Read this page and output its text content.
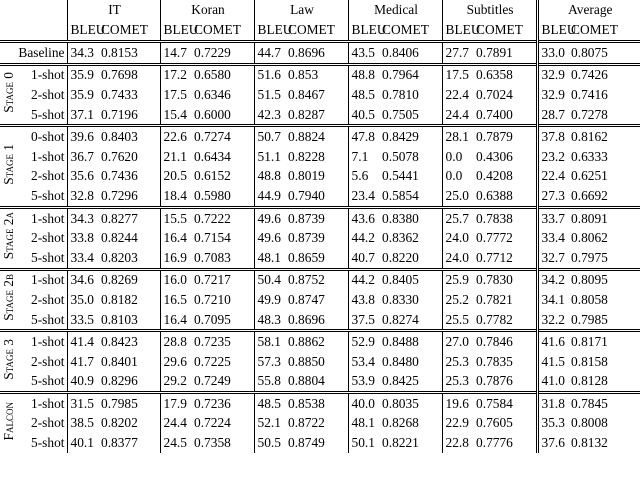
		IT		Koran		Law		Medical		Subtitles		Average	
		BLEU	COMET	BLEU	COMET	BLEU	COMET	BLEU	COMET	BLEU	COMET	BLEU	COMET
Baseline		34.3	0.8153	14.7	0.7229	44.7	0.8696	43.5	0.8406	27.7	0.7891	33.0	0.8075
Stage 0	1-shot	35.9	0.7698	17.2	0.6580	51.6	0.853	48.8	0.7964	17.5	0.6358	32.9	0.7426
	2-shot	35.9	0.7433	17.5	0.6346	51.5	0.8467	48.5	0.7810	22.4	0.7024	32.9	0.7416
	5-shot	37.1	0.7196	15.4	0.6000	42.3	0.8287	40.5	0.7505	24.4	0.7400	28.7	0.7278
Stage 1	0-shot	39.6	0.8403	22.6	0.7274	50.7	0.8824	47.8	0.8429	28.1	0.7879	37.8	0.8162
	1-shot	36.7	0.7620	21.1	0.6434	51.1	0.8228	7.1	0.5078	0.0	0.4306	23.2	0.6333
	2-shot	35.6	0.7436	20.5	0.6152	48.8	0.8019	5.6	0.5441	0.0	0.4208	22.4	0.6251
	5-shot	32.8	0.7296	18.4	0.5980	44.9	0.7940	23.4	0.5854	25.0	0.6388	27.3	0.6692
Stage 2a	1-shot	34.3	0.8277	15.5	0.7222	49.6	0.8739	43.6	0.8380	25.7	0.7838	33.7	0.8091
	2-shot	33.8	0.8244	16.4	0.7154	49.6	0.8739	44.2	0.8362	24.0	0.7772	33.4	0.8062
	5-shot	33.4	0.8203	16.9	0.7083	48.1	0.8659	40.7	0.8220	24.0	0.7712	32.7	0.7975
Stage 2b	1-shot	34.6	0.8269	16.0	0.7217	50.4	0.8752	44.2	0.8405	25.9	0.7830	34.2	0.8095
	2-shot	35.0	0.8182	16.5	0.7210	49.9	0.8747	43.8	0.8330	25.2	0.7821	34.1	0.8058
	5-shot	33.5	0.8103	16.4	0.7095	48.3	0.8696	37.5	0.8274	25.5	0.7782	32.2	0.7985
Stage 3	1-shot	41.4	0.8423	28.8	0.7235	58.1	0.8862	52.9	0.8488	27.0	0.7846	41.6	0.8171
	2-shot	41.7	0.8401	29.6	0.7225	57.3	0.8850	53.4	0.8480	25.3	0.7835	41.5	0.8158
	5-shot	40.9	0.8296	29.2	0.7249	55.8	0.8804	53.9	0.8425	25.3	0.7876	41.0	0.8128
Falcon	1-shot	31.5	0.7985	17.9	0.7236	48.5	0.8538	40.0	0.8035	19.6	0.7584	31.8	0.7845
	2-shot	38.5	0.8202	24.4	0.7224	52.1	0.8722	48.1	0.8268	22.9	0.7605	35.3	0.8008
	5-shot	40.1	0.8377	24.5	0.7358	50.5	0.8749	50.1	0.8221	22.8	0.7776	37.6	0.8132
